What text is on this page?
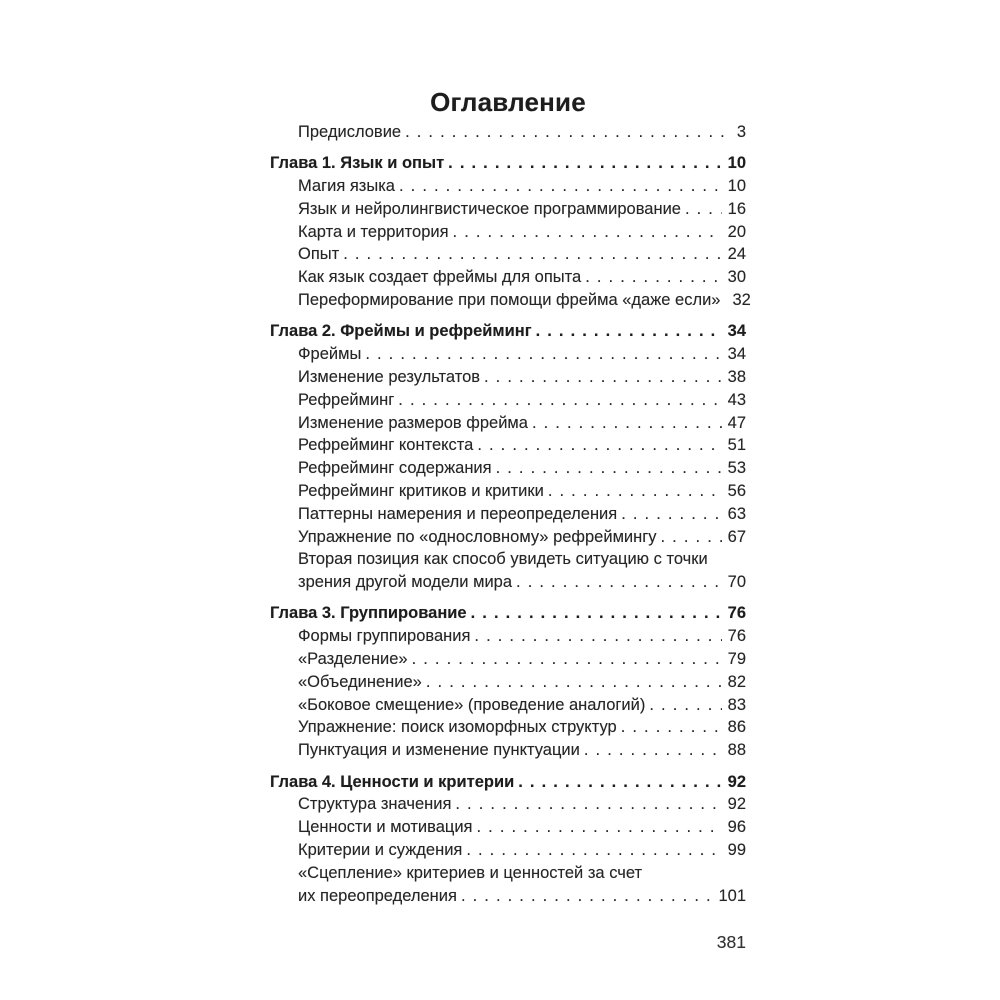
Оглавление
Предисловие . . .	3
Глава 1. Язык и опыт . . .	10
Магия языка . . .	10
Язык и нейролингвистическое программирование . . .	16
Карта и территория . . .	20
Опыт . . .	24
Как язык создает фреймы для опыта . . .	30
Переформирование при помощи фрейма «даже если» 32
Глава 2. Фреймы и рефрейминг . . .	34
Фреймы . . .	34
Изменение результатов . . .	38
Рефрейминг . . .	43
Изменение размеров фрейма . . .	47
Рефрейминг контекста . . .	51
Рефрейминг содержания . . .	53
Рефрейминг критиков и критики . . .	56
Паттерны намерения и переопределения . . .	63
Упражнение по «однословному» рефреймингу . . .	67
Вторая позиция как способ увидеть ситуацию с точки
зрения другой модели мира . . .	70
Глава 3. Группирование . . .	76
Формы группирования . . .	76
«Разделение» . . .	79
«Объединение» . . .	82
«Боковое смещение» (проведение аналогий) . . .	83
Упражнение: поиск изоморфных структур . . .	86
Пунктуация и изменение пунктуации . . .	88
Глава 4. Ценности и критерии . . .	92
Структура значения . . .	92
Ценности и мотивация . . .	96
Критерии и суждения . . .	99
«Сцепление» критериев и ценностей за счет
их переопределения . . .	101
381
